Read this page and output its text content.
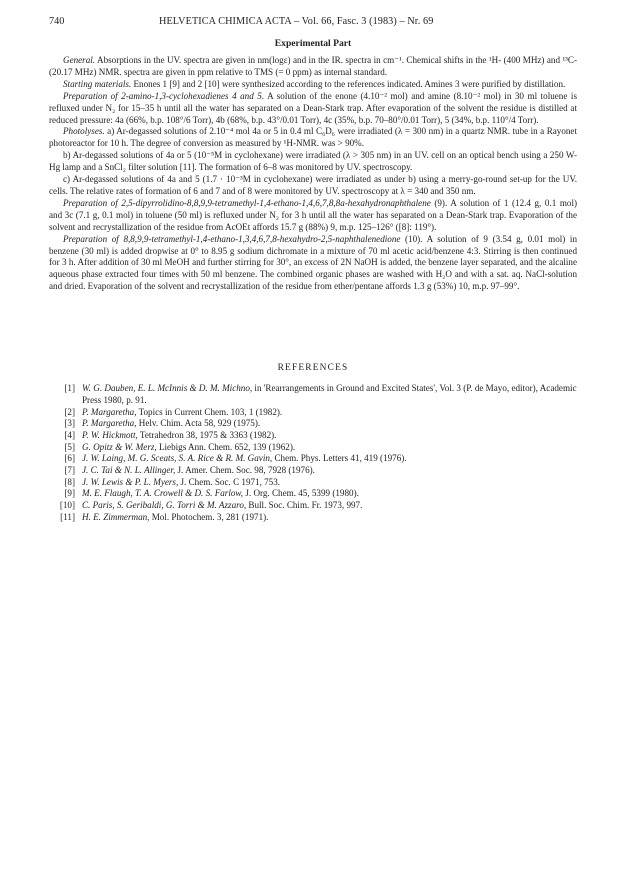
740	HELVETICA CHIMICA ACTA – Vol. 66, Fasc. 3 (1983) – Nr. 69
Experimental Part

General. Absorptions in the UV. spectra are given in nm(logε) and in the IR. spectra in cm⁻¹. Chemical shifts in the ¹H- (400 MHz) and ¹³C- (20.17 MHz) NMR. spectra are given in ppm relative to TMS (= 0 ppm) as internal standard.

Starting materials. Enones 1 [9] and 2 [10] were synthesized according to the references indicated. Amines 3 were purified by distillation.

Preparation of 2-amino-1,3-cyclohexadienes 4 and 5. A solution of the enone (4.10⁻² mol) and amine (8.10⁻² mol) in 30 ml toluene is refluxed under N₂ for 15–35 h until all the water has separated on a Dean-Stark trap. After evaporation of the solvent the residue is distilled at reduced pressure: 4a (66%, b.p. 108°/6 Torr), 4b (68%, b.p. 43°/0.01 Torr), 4c (35%, b.p. 70–80°/0.01 Torr), 5 (34%, b.p. 110°/4 Torr).

Photolyses. a) Ar-degassed solutions of 2.10⁻⁴ mol 4a or 5 in 0.4 ml C₆D₆ were irradiated (λ = 300 nm) in a quartz NMR. tube in a Rayonet photoreactor for 10 h. The degree of conversion as measured by ¹H-NMR. was > 90%.

b) Ar-degassed solutions of 4a or 5 (10⁻⁵M in cyclohexane) were irradiated (λ > 305 nm) in an UV. cell on an optical bench using a 250 W-Hg lamp and a SnCl₂ filter solution [11]. The formation of 6–8 was monitored by UV. spectroscopy.

c) Ar-degassed solutions of 4a and 5 (1.7 · 10⁻³M in cyclohexane) were irradiated as under b) using a merry-go-round set-up for the UV. cells. The relative rates of formation of 6 and 7 and of 8 were monitored by UV. spectroscopy at λ = 340 and 350 nm.

Preparation of 2,5-dipyrrolidino-8,8,9,9-tetramethyl-1,4-ethano-1,4,6,7,8,8a-hexahydronaphthalene (9). A solution of 1 (12.4 g, 0.1 mol) and 3c (7.1 g, 0.1 mol) in toluene (50 ml) is refluxed under N₂ for 3 h until all the water has separated on a Dean-Stark trap. Evaporation of the solvent and recrystallization of the residue from AcOEt affords 15.7 g (88%) 9, m.p. 125–126° ([8]: 119°).

Preparation of 8,8,9,9-tetramethyl-1,4-ethano-1,3,4,6,7,8-hexahydro-2,5-naphthalenedione (10). A solution of 9 (3.54 g, 0.01 mol) in benzene (30 ml) is added dropwise at 0° to 8.95 g sodium dichromate in a mixture of 70 ml acetic acid/benzene 4:3. Stirring is then continued for 3 h. After addition of 30 ml MeOH and further stirring for 30°, an excess of 2N NaOH is added, the benzene layer separated, and the alcaline aqueous phase extracted four times with 50 ml benzene. The combined organic phases are washed with H₂O and with a sat. aq. NaCl-solution and dried. Evaporation of the solvent and recrystallization of the residue from ether/pentane affords 1.3 g (53%) 10, m.p. 97–99°.

REFERENCES
[1] W. G. Dauben, E. L. McInnis & D. M. Michno, in 'Rearrangements in Ground and Excited States', Vol. 3 (P. de Mayo, editor), Academic Press 1980, p. 91.
[2] P. Margaretha, Topics in Current Chem. 103, 1 (1982).
[3] P. Margaretha, Helv. Chim. Acta 58, 929 (1975).
[4] P. W. Hickmott, Tetrahedron 38, 1975 & 3363 (1982).
[5] G. Opitz & W. Merz, Liebigs Ann. Chem. 652, 139 (1962).
[6] J. W. Laing, M. G. Sceats, S. A. Rice & R. M. Gavin, Chem. Phys. Letters 41, 419 (1976).
[7] J. C. Tai & N. L. Allinger, J. Amer. Chem. Soc. 98, 7928 (1976).
[8] J. W. Lewis & P. L. Myers, J. Chem. Soc. C 1971, 753.
[9] M. E. Flaugh, T. A. Crowell & D. S. Farlow, J. Org. Chem. 45, 5399 (1980).
[10] C. Paris, S. Geribaldi, G. Torri & M. Azzaro, Bull. Soc. Chim. Fr. 1973, 997.
[11] H. E. Zimmerman, Mol. Photochem. 3, 281 (1971).
